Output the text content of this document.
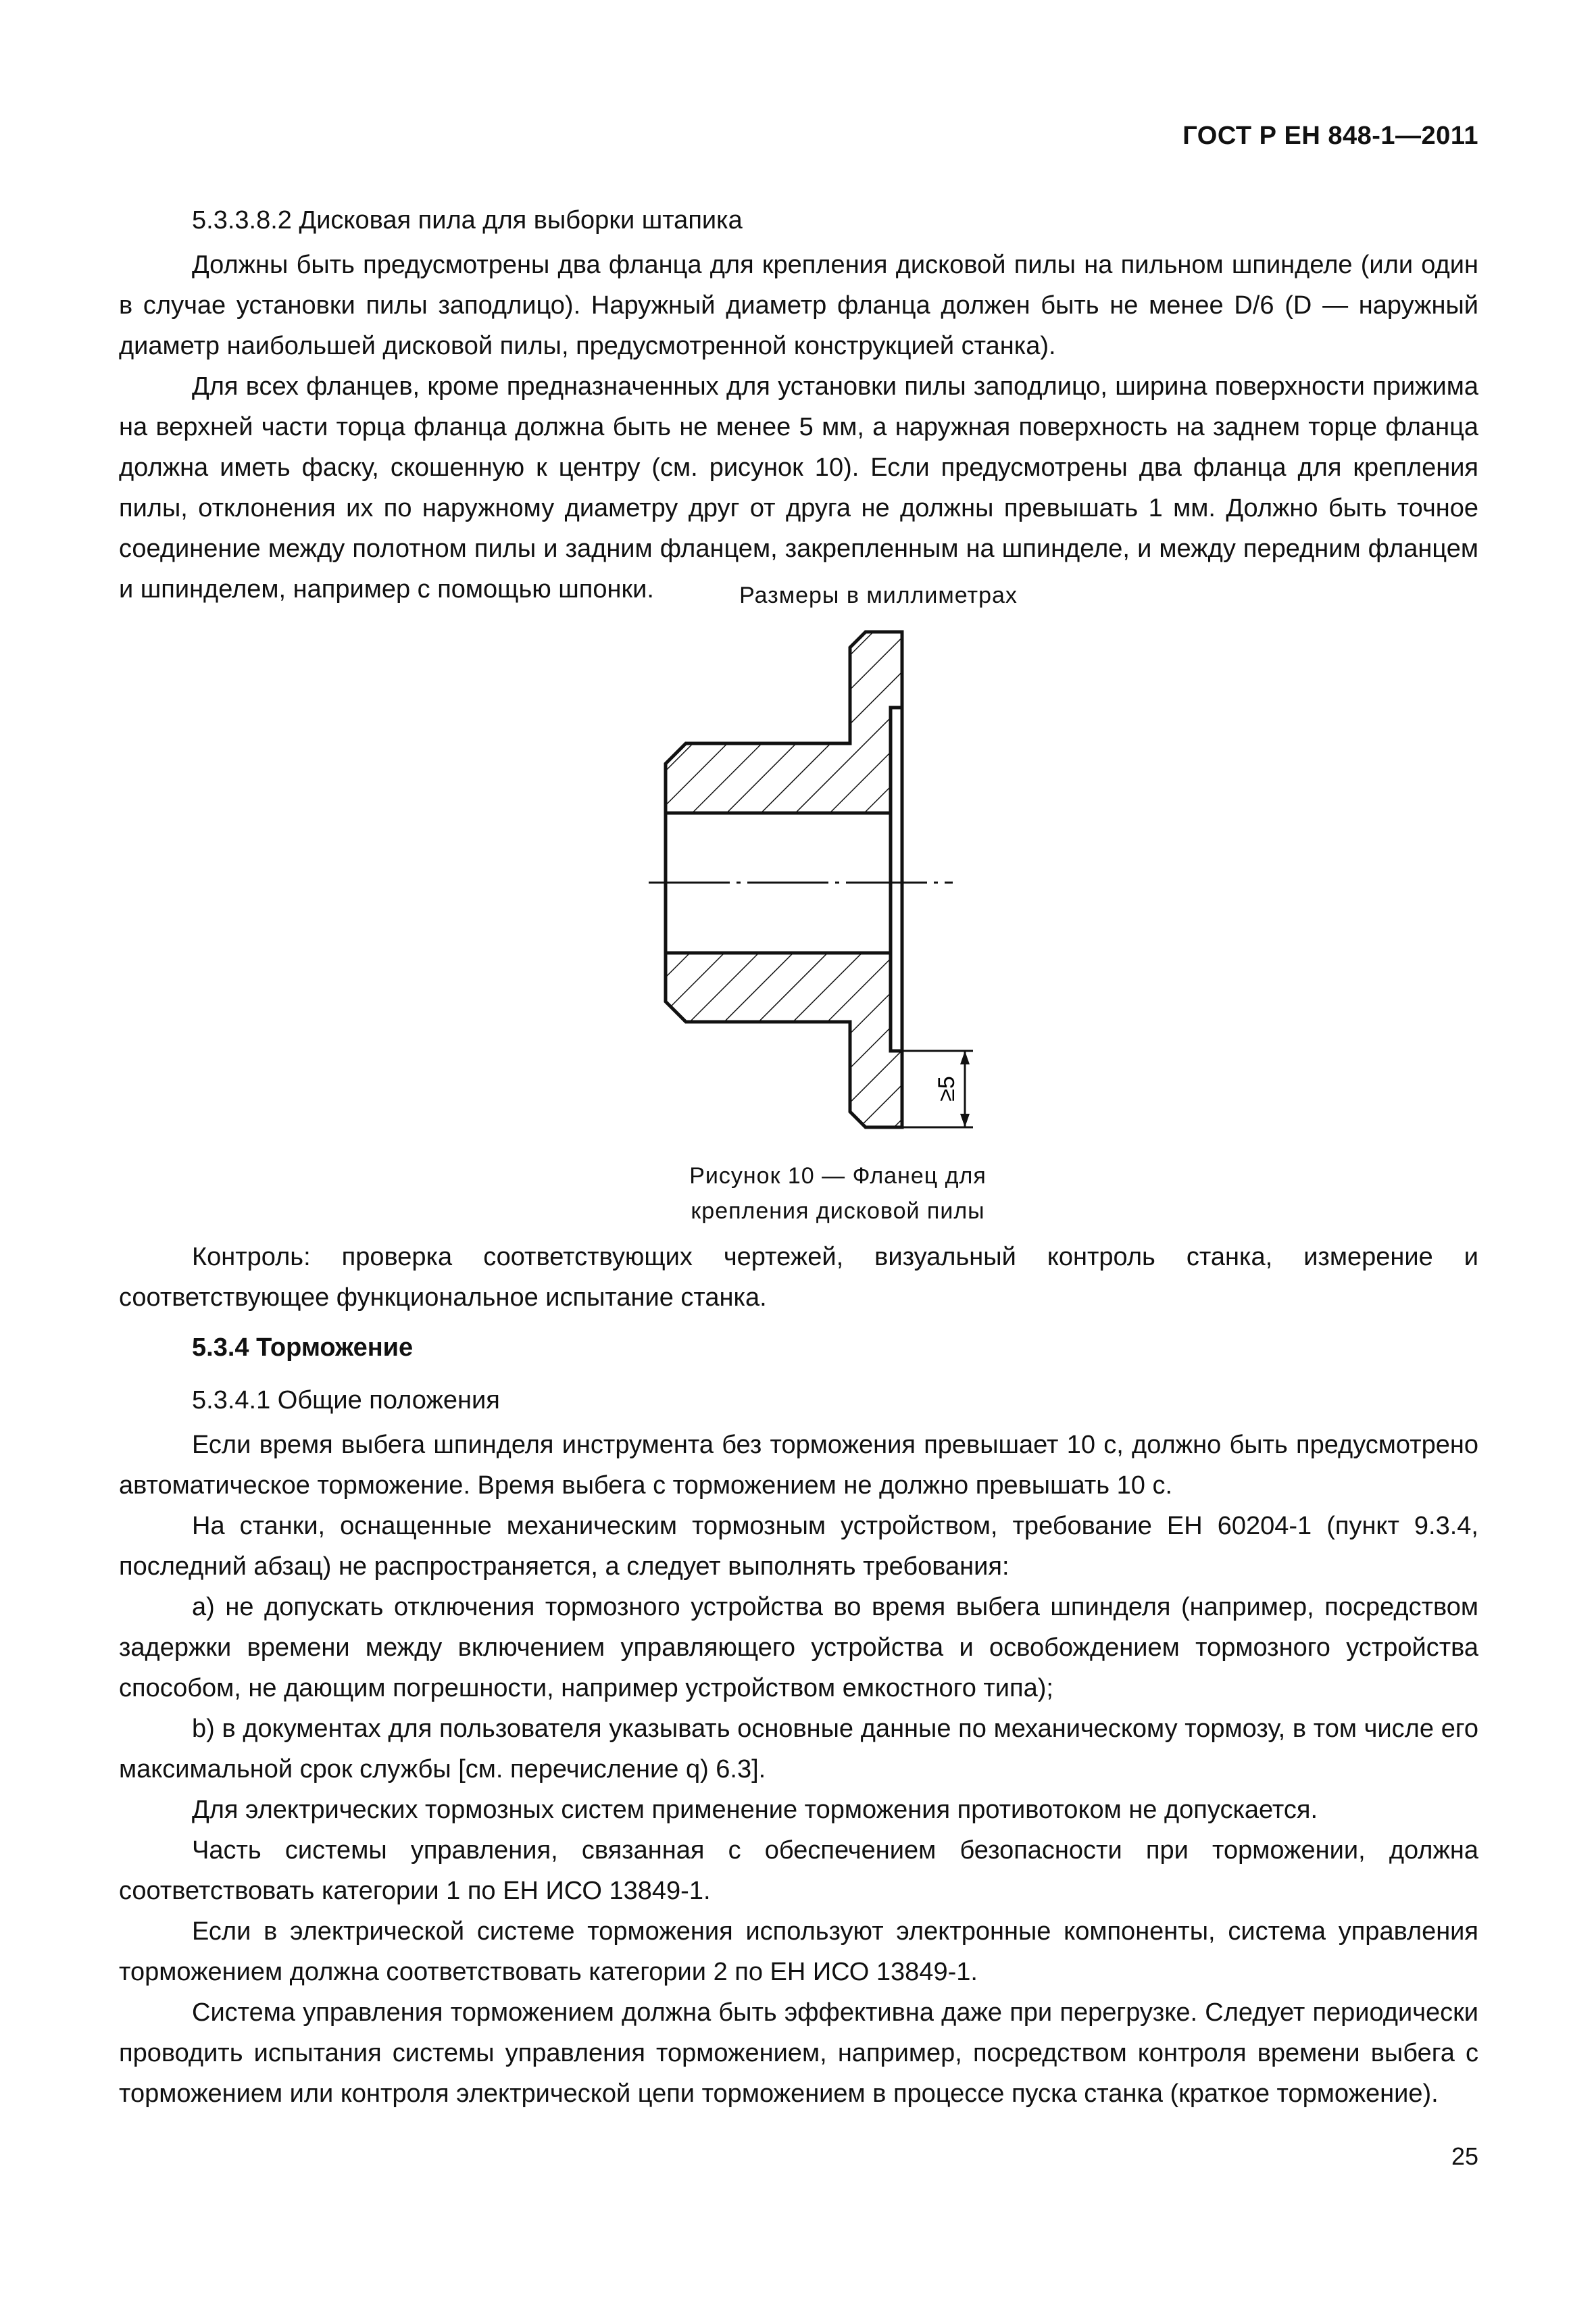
ГОСТ Р ЕН 848-1—2011

5.3.3.8.2 Дисковая пила для выборки штапика

Должны быть предусмотрены два фланца для крепления дисковой пилы на пильном шпинделе (или один в случае установки пилы заподлицо). Наружный диаметр фланца должен быть не менее D/6 (D — наружный диаметр наибольшей дисковой пилы, предусмотренной конструкцией станка).

Для всех фланцев, кроме предназначенных для установки пилы заподлицо, ширина поверхности прижима на верхней части торца фланца должна быть не менее 5 мм, а наружная поверхность на заднем торце фланца должна иметь фаску, скошенную к центру (см. рисунок 10). Если предусмотрены два фланца для крепления пилы, отклонения их по наружному диаметру друг от друга не должны превышать 1 мм. Должно быть точное соединение между полотном пилы и задним фланцем, закрепленным на шпинделе, и между передним фланцем и шпинделем, например с помощью шпонки.	Размеры в миллиметрах
≥5
Рисунок 10 — Фланец для
крепления дисковой пилы

Контроль: проверка соответствующих чертежей, визуальный контроль станка, измерение и соответствующее функциональное испытание станка.

5.3.4 Торможение

5.3.4.1 Общие положения

Если время выбега шпинделя инструмента без торможения превышает 10 с, должно быть предусмотрено автоматическое торможение. Время выбега с торможением не должно превышать 10 с.

На станки, оснащенные механическим тормозным устройством, требование ЕН 60204-1 (пункт 9.3.4, последний абзац) не распространяется, а следует выполнять требования:

a) не допускать отключения тормозного устройства во время выбега шпинделя (например, посредством задержки времени между включением управляющего устройства и освобождением тормозного устройства способом, не дающим погрешности, например устройством емкостного типа);

b) в документах для пользователя указывать основные данные по механическому тормозу, в том числе его максимальной срок службы [см. перечисление q) 6.3].

Для электрических тормозных систем применение торможения противотоком не допускается.

Часть системы управления, связанная с обеспечением безопасности при торможении, должна соответствовать категории 1 по ЕН ИСО 13849-1.

Если в электрической системе торможения используют электронные компоненты, система управления торможением должна соответствовать категории 2 по ЕН ИСО 13849-1.

Система управления торможением должна быть эффективна даже при перегрузке. Следует периодически проводить испытания системы управления торможением, например, посредством контроля времени выбега с торможением или контроля электрической цепи торможением в процессе пуска станка (краткое торможение).

25
